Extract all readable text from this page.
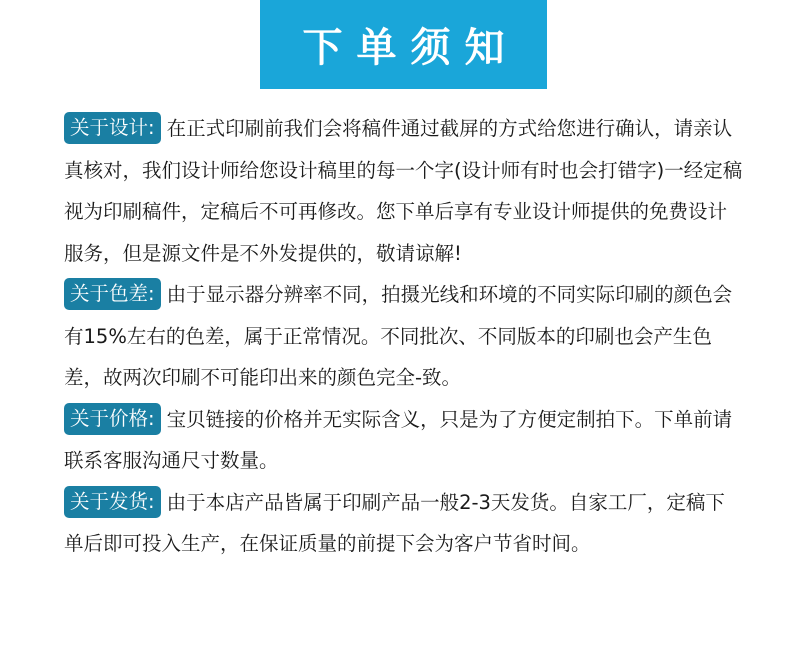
下单须知
关于设计: 在正式印刷前我们会将稿件通过截屏的方式给您进行确认，请亲认真核对，我们设计师给您设计稿里的每一个字(设计师有时也会打错字)一经定稿视为印刷稿件，定稿后不可再修改。您下单后享有专业设计师提供的免费设计服务，但是源文件是不外发提供的，敬请谅解!
关于色差: 由于显示器分辨率不同，拍摄光线和环境的不同实际印刷的颜色会有15%左右的色差，属于正常情况。不同批次、不同版本的印刷也会产生色差，故两次印刷不可能印出来的颜色完全-致。
关于价格: 宝贝链接的价格并无实际含义，只是为了方便定制拍下。下单前请联系客服沟通尺寸数量。
关于发货: 由于本店产品皆属于印刷产品一般2-3天发货。自家工厂，定稿下单后即可投入生产，在保证质量的前提下会为客户节省时间。
